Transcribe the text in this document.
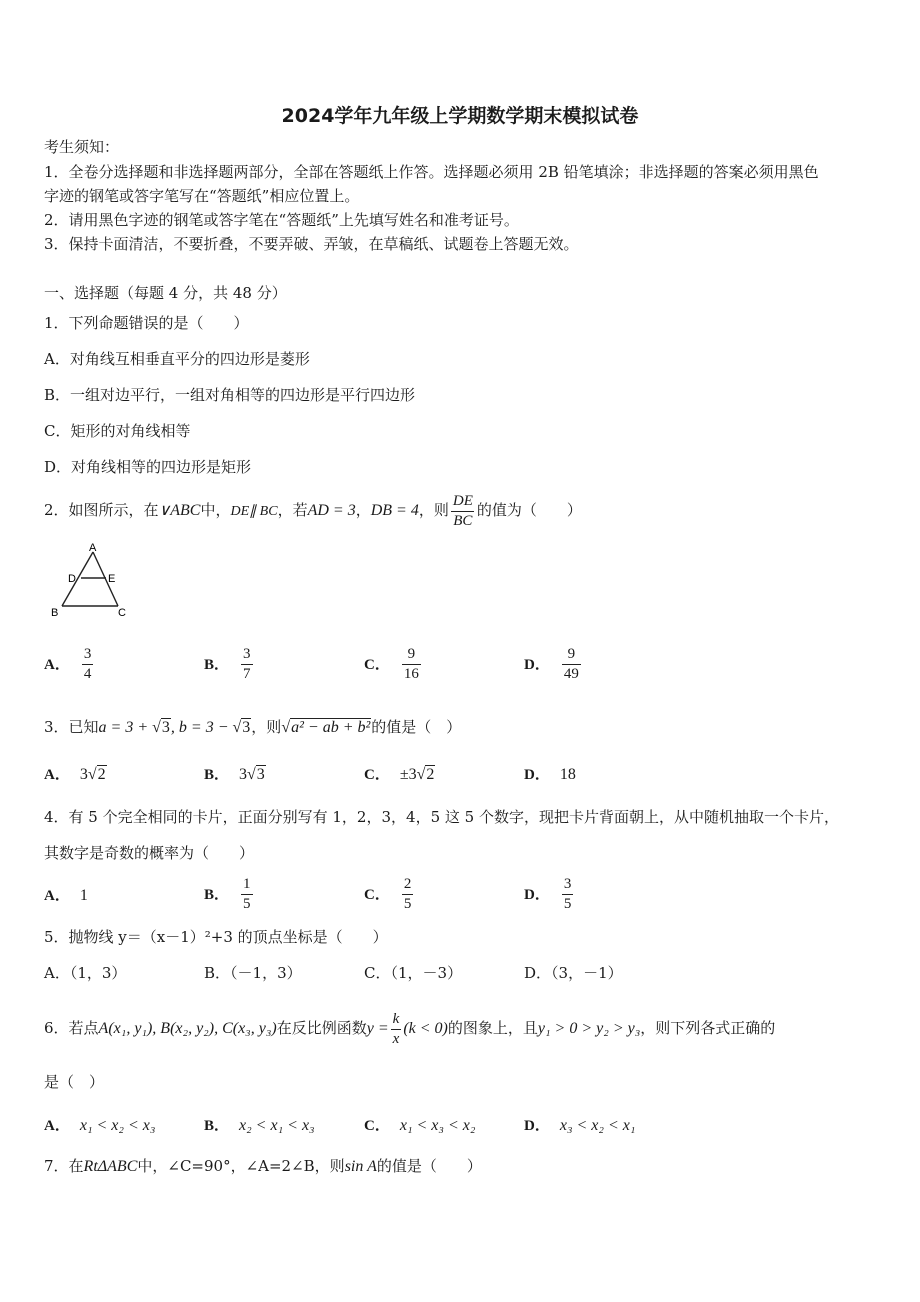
2024学年九年级上学期数学期末模拟试卷
考生须知：
1．全卷分选择题和非选择题两部分，全部在答题纸上作答。选择题必须用 2B 铅笔填涂；非选择题的答案必须用黑色
字迹的钢笔或答字笔写在“答题纸”相应位置上。
2．请用黑色字迹的钢笔或答字笔在“答题纸”上先填写姓名和准考证号。
3．保持卡面清洁，不要折叠，不要弄破、弄皱，在草稿纸、试题卷上答题无效。
一、选择题（每题 4 分，共 48 分）
1．下列命题错误的是（　　）
A．对角线互相垂直平分的四边形是菱形
B．一组对边平行，一组对角相等的四边形是平行四边形
C．矩形的对角线相等
D．对角线相等的四边形是矩形
2．如图所示，在∨ABC中，DE∥ BC，若AD = 3，DB = 4，则 $\frac{DE}{BC}$ 的值为（　　）
A
D	E
B	C
A． $\frac{3}{4}$	B． $\frac{3}{7}$	C． $\frac{9}{16}$	D． $\frac{9}{49}$
3．已知a = 3 + √3, b = 3 − √3，则√a² − ab + b²的值是（　）
A． 3√2	B． 3√3	C． ±3√2	D． 18
4．有 5 个完全相同的卡片，正面分别写有 1，2，3，4，5 这 5 个数字，现把卡片背面朝上，从中随机抽取一个卡片，
其数字是奇数的概率为（　　）
A． 1	B． $\frac{1}{5}$	C． $\frac{2}{5}$	D． $\frac{3}{5}$
5．抛物线 y＝（x－1）²+3 的顶点坐标是（　　）
A．（1，3）	B．（－1，3）	C．（1，－3）	D．（3，－1）
6．若点A(x₁, y₁), B(x₂, y₂), C(x₃, y₃)在反比例函数$y = \frac{k}{x} (k < 0)$的图象上，且y₁ > 0 > y₂ > y₃，则下列各式正确的
是（　）
A． x₁ < x₂ < x₃	B． x₂ < x₁ < x₃	C． x₁ < x₃ < x₂	D． x₃ < x₂ < x₁
7．在RtΔABC中，∠C=90°，∠A=2∠B，则sin A的值是（　　）
